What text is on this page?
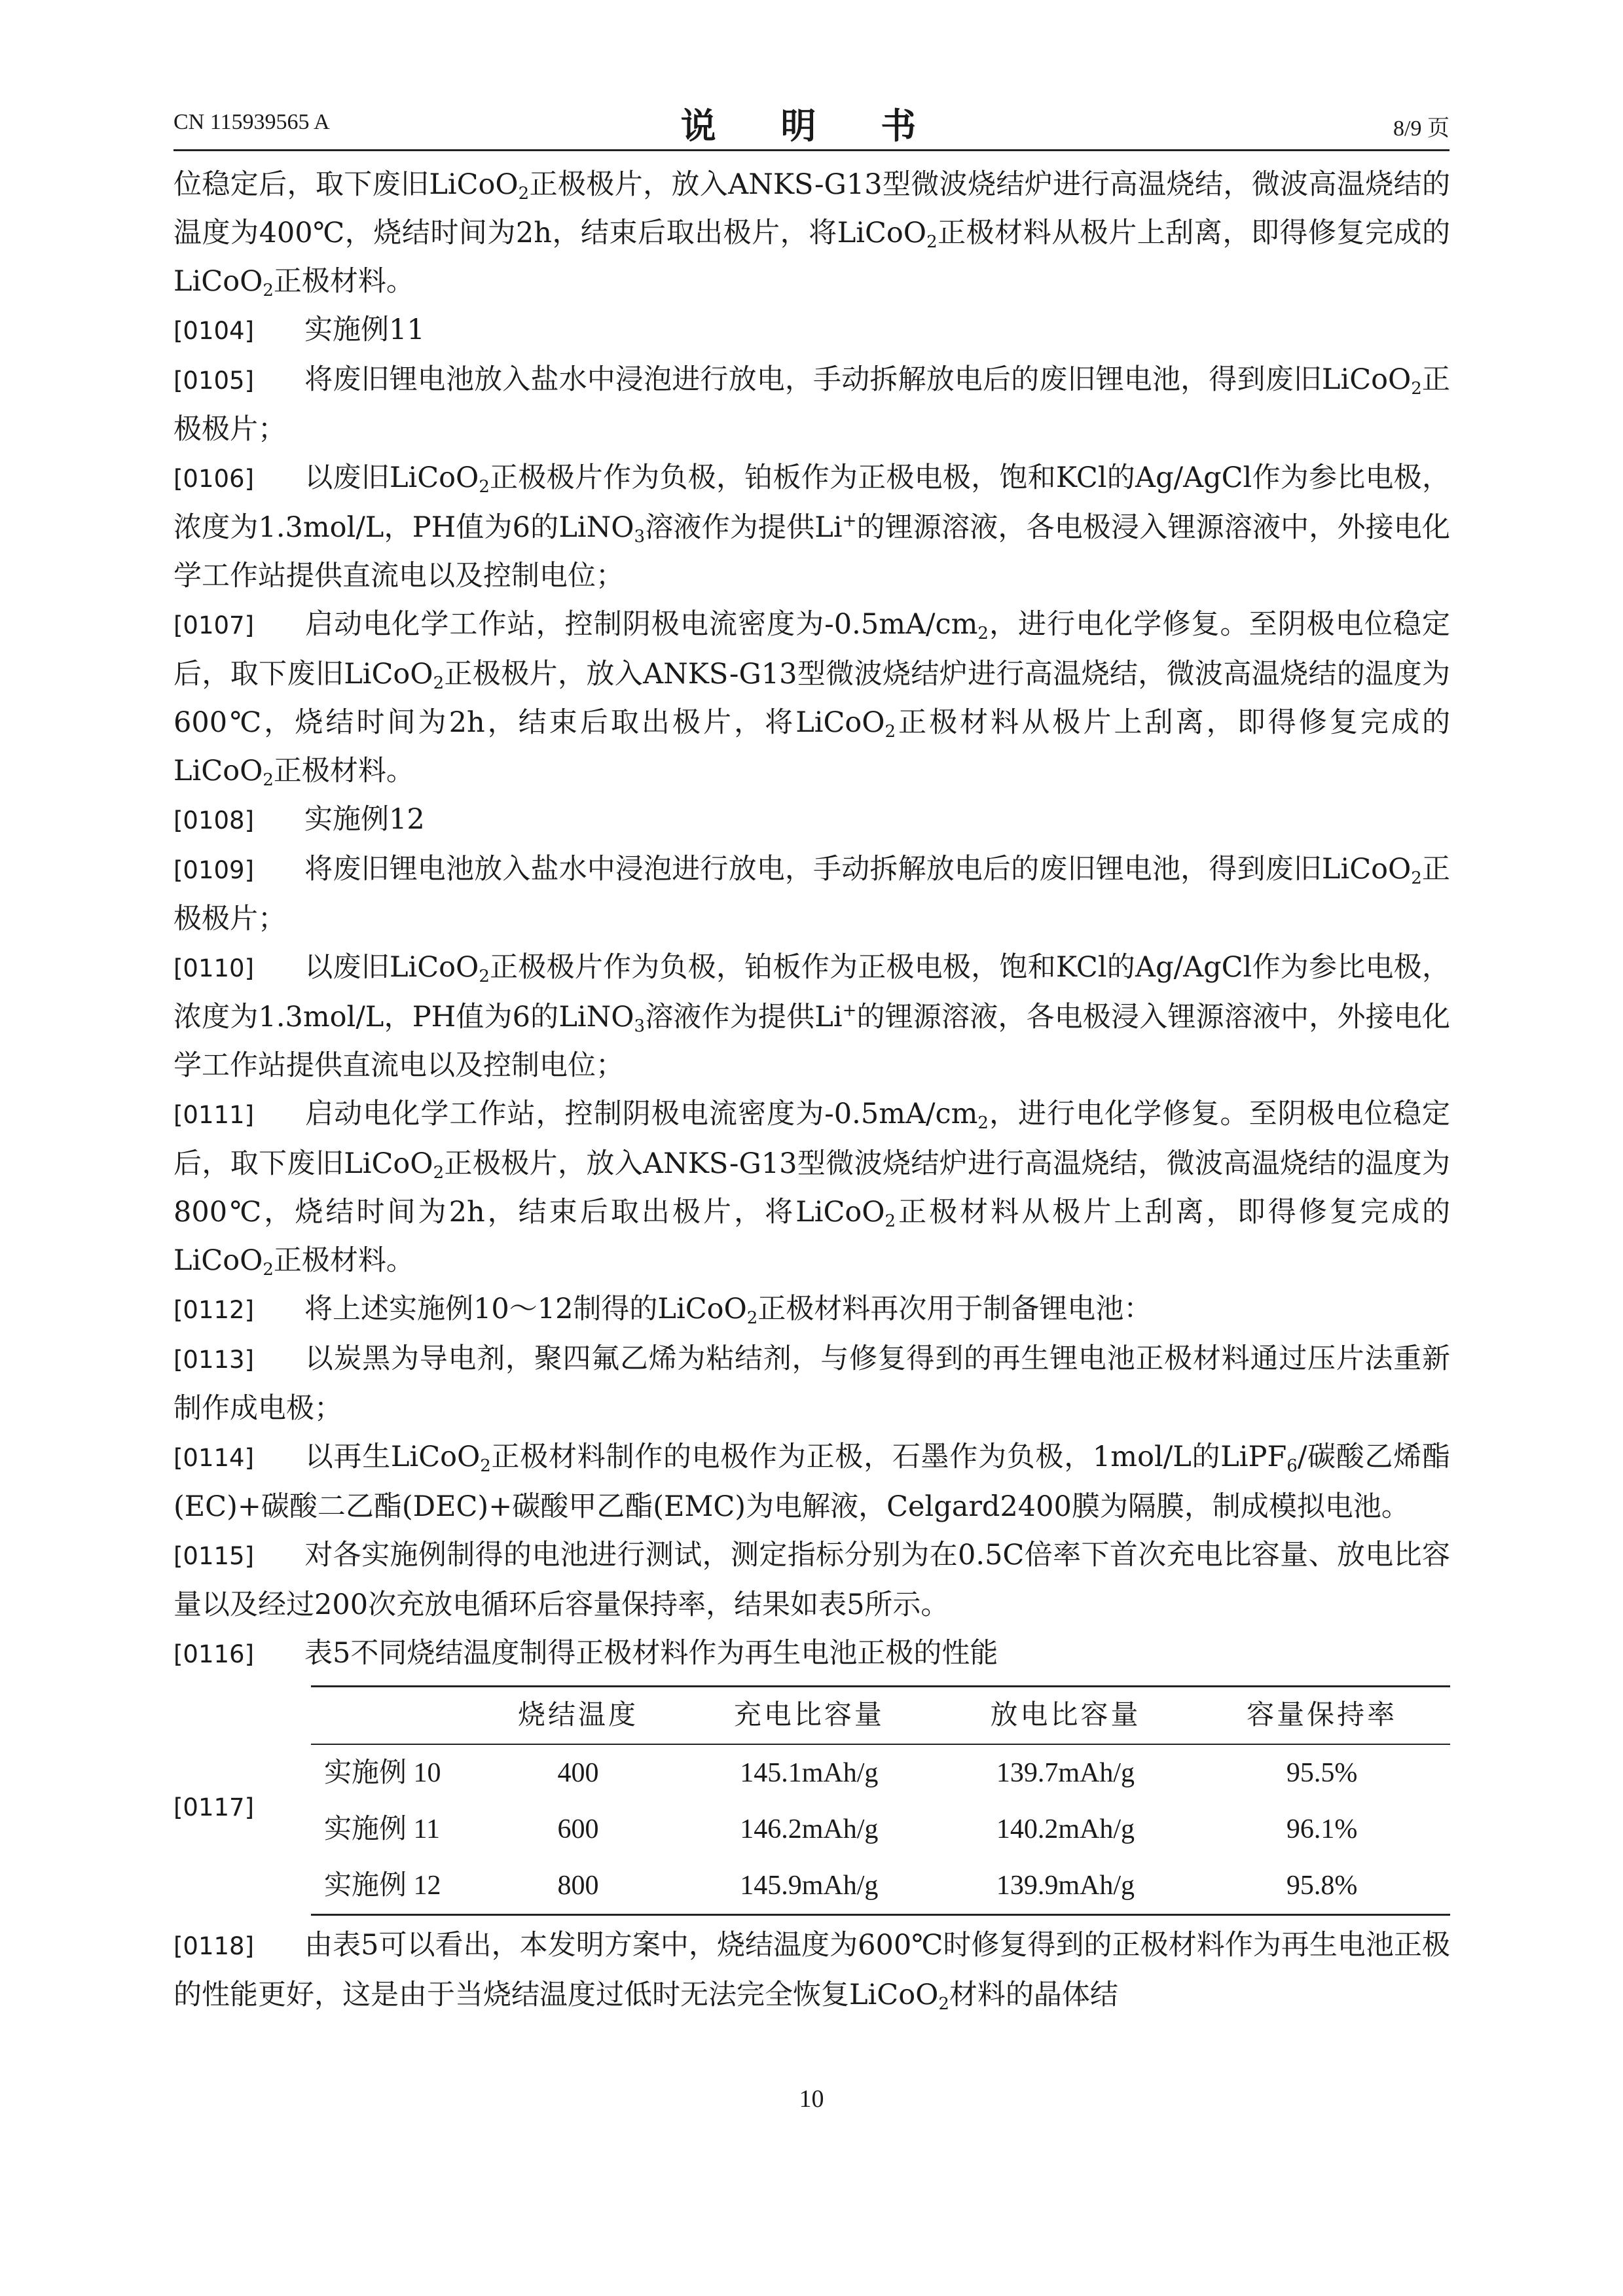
CN 115939565 A	说 明 书	8/9 页

位稳定后，取下废旧LiCoO$_2$正极极片，放入ANKS-G13型微波烧结炉进行高温烧结，微波高温烧结的温度为400℃，烧结时间为2h，结束后取出极片，将LiCoO$_2$正极材料从极片上刮离，即得修复完成的LiCoO$_2$正极材料。

[0104] 实施例11

[0105] 将废旧锂电池放入盐水中浸泡进行放电，手动拆解放电后的废旧锂电池，得到废旧LiCoO$_2$正极极片；

[0106] 以废旧LiCoO$_2$正极极片作为负极，铂板作为正极电极，饱和KCl的Ag/AgCl作为参比电极，浓度为1.3mol/L，PH值为6的LiNO$_3$溶液作为提供Li+的锂源溶液，各电极浸入锂源溶液中，外接电化学工作站提供直流电以及控制电位；

[0107] 启动电化学工作站，控制阴极电流密度为$-0.5mA/cm_2$，进行电化学修复。至阴极电位稳定后，取下废旧LiCoO$_2$正极极片，放入ANKS-G13型微波烧结炉进行高温烧结，微波高温烧结的温度为600℃，烧结时间为2h，结束后取出极片，将LiCoO$_2$正极材料从极片上刮离，即得修复完成的LiCoO$_2$正极材料。

[0108] 实施例12

[0109] 将废旧锂电池放入盐水中浸泡进行放电，手动拆解放电后的废旧锂电池，得到废旧LiCoO$_2$正极极片；

[0110] 以废旧LiCoO$_2$正极极片作为负极，铂板作为正极电极，饱和KCl的Ag/AgCl作为参比电极，浓度为1.3mol/L，PH值为6的LiNO$_3$溶液作为提供Li+的锂源溶液，各电极浸入锂源溶液中，外接电化学工作站提供直流电以及控制电位；

[0111] 启动电化学工作站，控制阴极电流密度为$-0.5mA/cm_2$，进行电化学修复。至阴极电位稳定后，取下废旧LiCoO$_2$正极极片，放入ANKS-G13型微波烧结炉进行高温烧结，微波高温烧结的温度为800℃，烧结时间为2h，结束后取出极片，将LiCoO$_2$正极材料从极片上刮离，即得修复完成的LiCoO$_2$正极材料。

[0112] 将上述实施例10～12制得的LiCoO$_2$正极材料再次用于制备锂电池：

[0113] 以炭黑为导电剂，聚四氟乙烯为粘结剂，与修复得到的再生锂电池正极材料通过压片法重新制作成电极；

[0114] 以再生LiCoO$_2$正极材料制作的电极作为正极，石墨作为负极，1mol/L的LiPF$_6$/碳酸乙烯酯(EC)+碳酸二乙酯(DEC)+碳酸甲乙酯(EMC)为电解液，Celgard2400膜为隔膜，制成模拟电池。

[0115] 对各实施例制得的电池进行测试，测定指标分别为在0.5C倍率下首次充电比容量、放电比容量以及经过200次充放电循环后容量保持率，结果如表5所示。

[0116] 表5不同烧结温度制得正极材料作为再生电池正极的性能

[0117]
	烧结温度	充电比容量	放电比容量	容量保持率
实施例 10	400	145.1mAh/g	139.7mAh/g	95.5%
实施例 11	600	146.2mAh/g	140.2mAh/g	96.1%
实施例 12	800	145.9mAh/g	139.9mAh/g	95.8%

[0118] 由表5可以看出，本发明方案中，烧结温度为600℃时修复得到的正极材料作为再生电池正极的性能更好，这是由于当烧结温度过低时无法完全恢复LiCoO$_2$材料的晶体结

10
